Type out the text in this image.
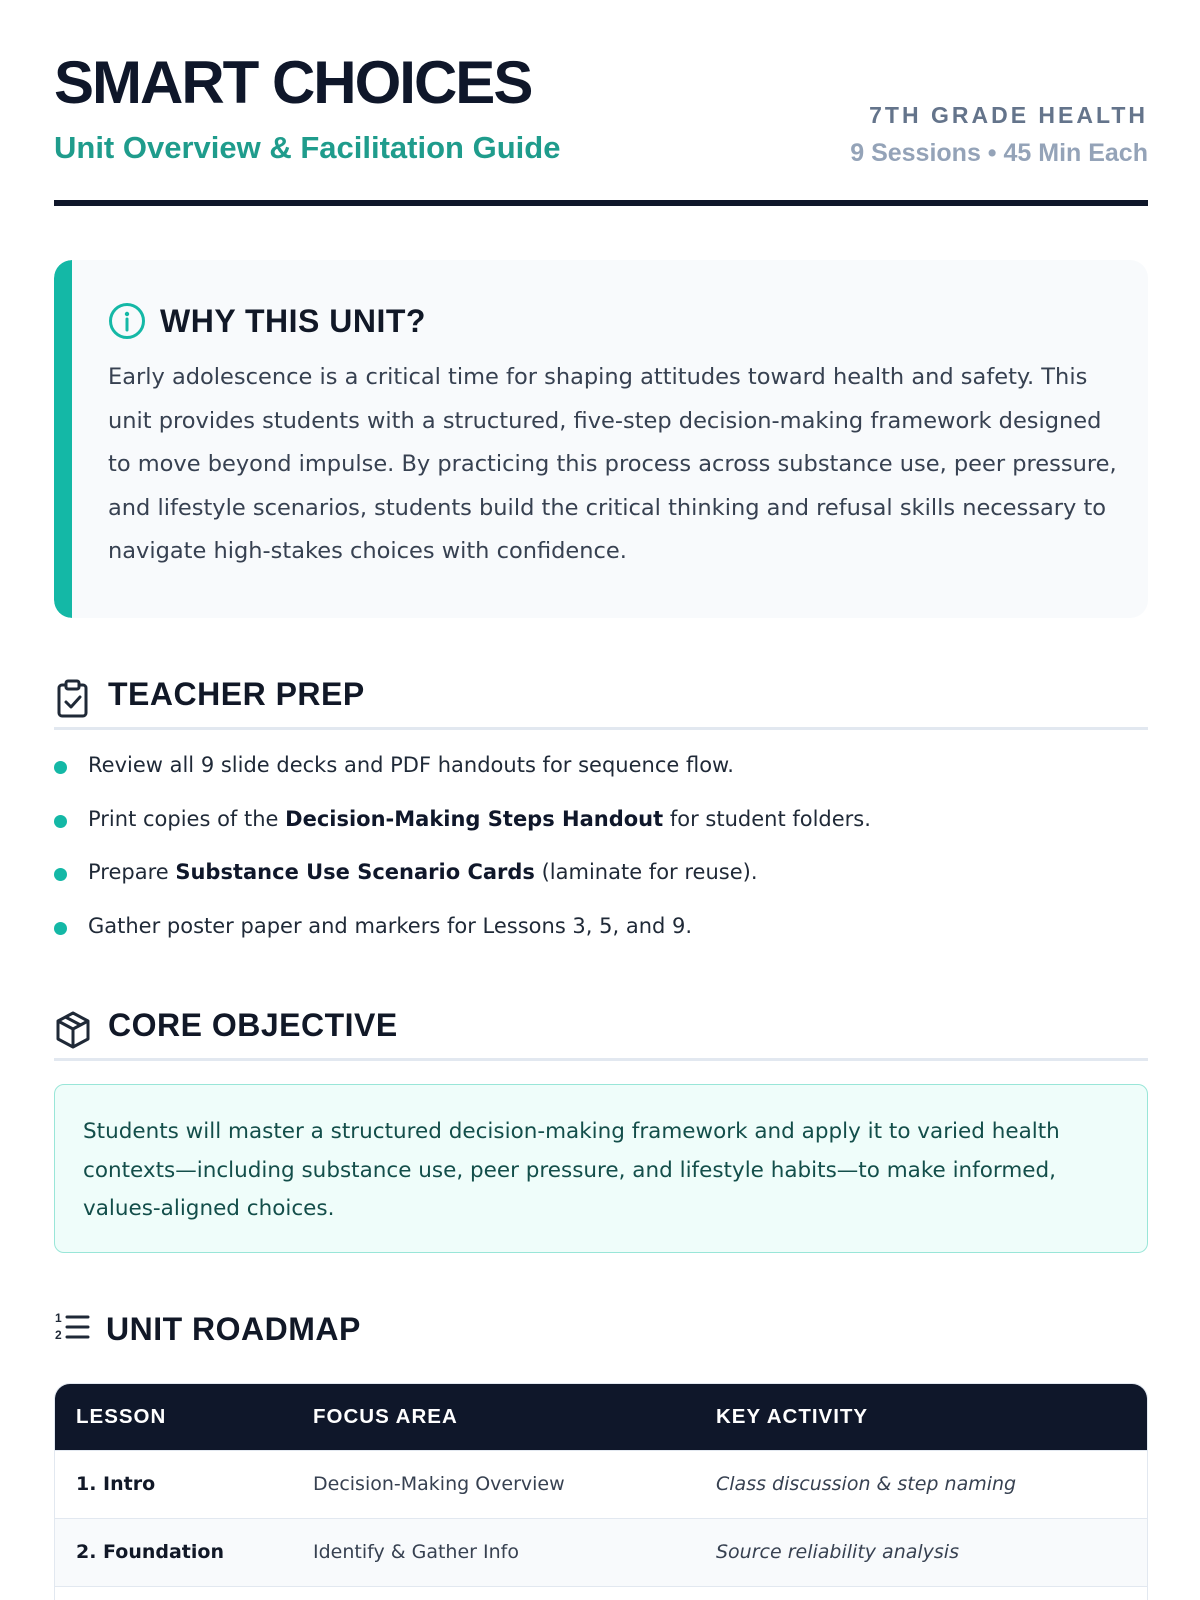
SMART CHOICES
Unit Overview & Facilitation Guide
7TH GRADE HEALTH
9 Sessions • 45 Min Each
WHY THIS UNIT?

Early adolescence is a critical time for shaping attitudes toward health and safety. This unit provides students with a structured, five-step decision-making framework designed to move beyond impulse. By practicing this process across substance use, peer pressure, and lifestyle scenarios, students build the critical thinking and refusal skills necessary to navigate high-stakes choices with confidence.

TEACHER PREP
Review all 9 slide decks and PDF handouts for sequence flow.
Print copies of the Decision-Making Steps Handout for student folders.
Prepare Substance Use Scenario Cards (laminate for reuse).
Gather poster paper and markers for Lessons 3, 5, and 9.
CORE OBJECTIVE

Students will master a structured decision-making framework and apply it to varied health contexts—including substance use, peer pressure, and lifestyle habits—to make informed, values-aligned choices.

1
2 UNIT ROADMAP
LESSON	FOCUS AREA	KEY ACTIVITY
1. Intro	Decision-Making Overview	Class discussion & step naming
2. Foundation	Identify & Gather Info	Source reliability analysis
